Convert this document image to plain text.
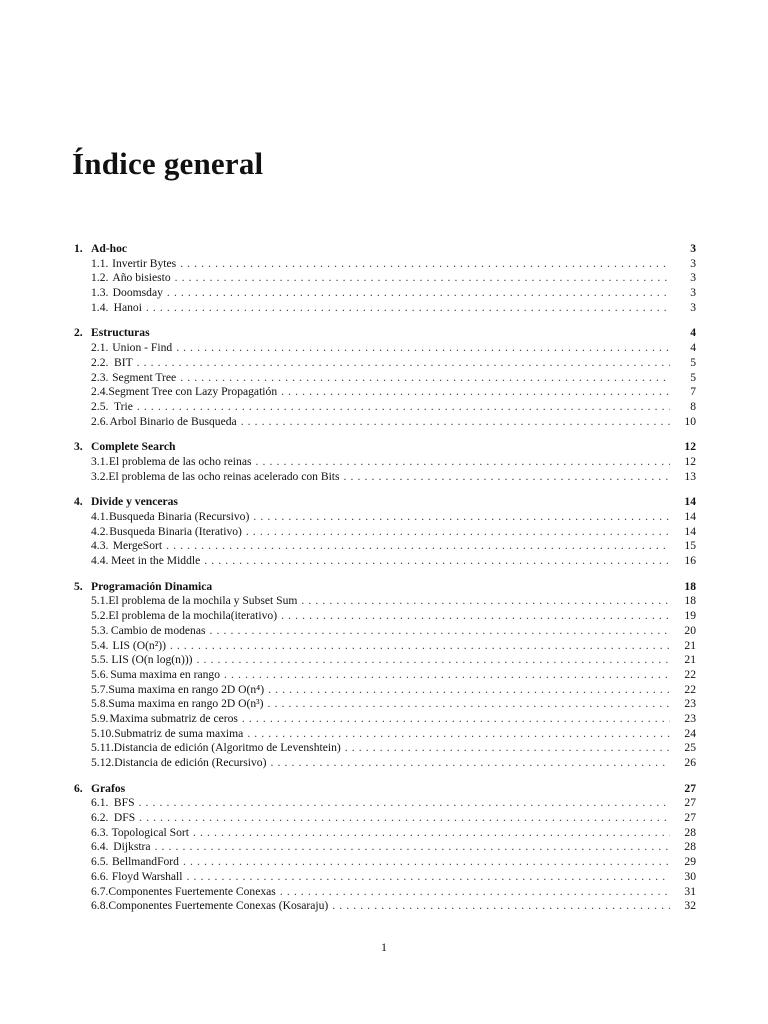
Índice general
1. Ad-hoc	3
1.1. Invertir Bytes . . .	3
1.2. Año bisiesto . . .	3
1.3. Doomsday . . .	3
1.4. Hanoi . . .	3
2. Estructuras	4
2.1. Union - Find . . .	4
2.2. BIT . . .	5
2.3. Segment Tree . . .	5
2.4. Segment Tree con Lazy Propagatión . . .	7
2.5. Trie . . .	8
2.6. Arbol Binario de Busqueda . . .	10
3. Complete Search	12
3.1. El problema de las ocho reinas . . .	12
3.2. El problema de las ocho reinas acelerado con Bits . . .	13
4. Divide y venceras	14
4.1. Busqueda Binaria (Recursivo) . . .	14
4.2. Busqueda Binaria (Iterativo) . . .	14
4.3. MergeSort . . .	15
4.4. Meet in the Middle . . .	16
5. Programación Dinamica	18
5.1. El problema de la mochila y Subset Sum . . .	18
5.2. El problema de la mochila(iterativo) . . .	19
5.3. Cambio de modenas . . .	20
5.4. LIS (O(n²)) . . .	21
5.5. LIS (O(n log(n))) . . .	21
5.6. Suma maxima en rango . . .	22
5.7. Suma maxima en rango 2D O(n⁴) . . .	22
5.8. Suma maxima en rango 2D O(n³) . . .	23
5.9. Maxima submatriz de ceros . . .	23
5.10. Submatriz de suma maxima . . .	24
5.11. Distancia de edición (Algoritmo de Levenshtein) . . .	25
5.12. Distancia de edición (Recursivo) . . .	26
6. Grafos	27
6.1. BFS . . .	27
6.2. DFS . . .	27
6.3. Topological Sort . . .	28
6.4. Dijkstra . . .	28
6.5. BellmandFord . . .	29
6.6. Floyd Warshall . . .	30
6.7. Componentes Fuertemente Conexas . . .	31
6.8. Componentes Fuertemente Conexas (Kosaraju) . . .	32
1
